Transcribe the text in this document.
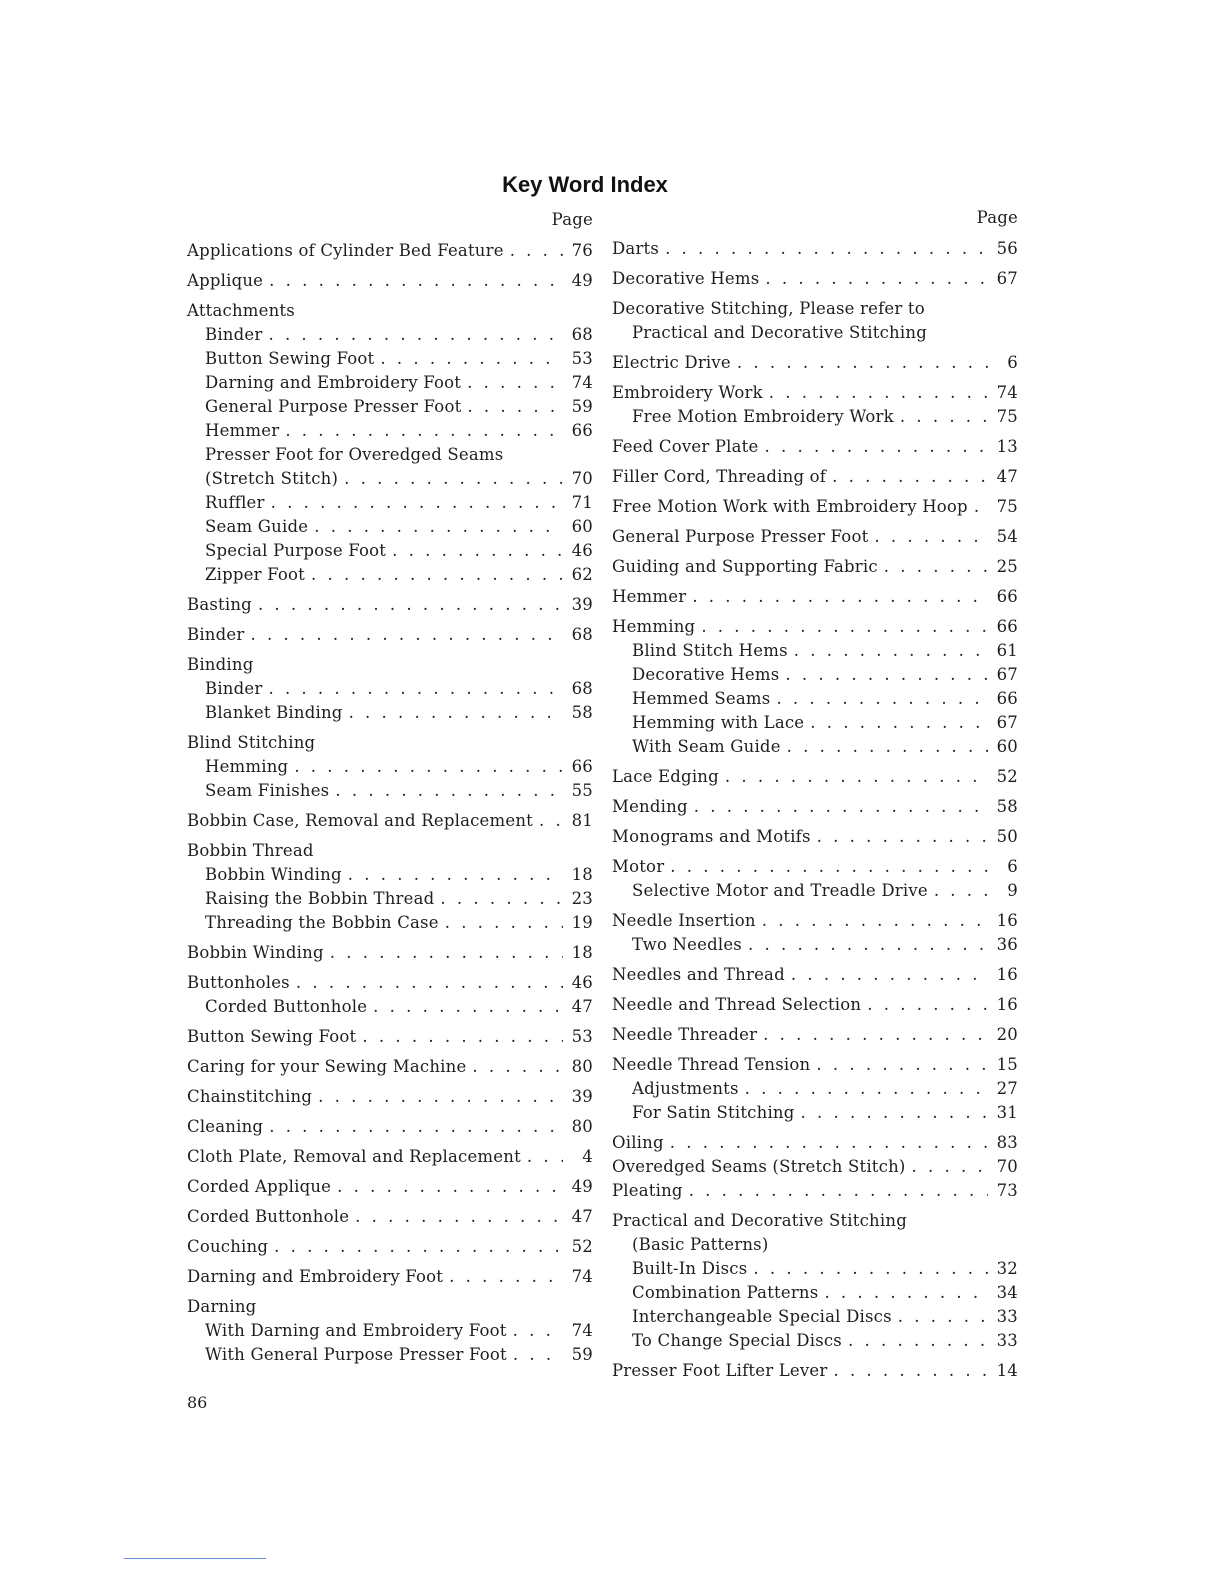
Key Word Index
Page
Applications of Cylinder Bed Feature . . .	76
Applique . . .	49
Attachments
Binder . . .	68
Button Sewing Foot . . .	53
Darning and Embroidery Foot . . .	74
General Purpose Presser Foot . . .	59
Hemmer . . .	66
Presser Foot for Overedged Seams
(Stretch Stitch) . . .	70
Ruffler . . .	71
Seam Guide . . .	60
Special Purpose Foot . . .	46
Zipper Foot . . .	62
Basting . . .	39
Binder . . .	68
Binding
Binder . . .	68
Blanket Binding . . .	58
Blind Stitching
Hemming . . .	66
Seam Finishes . . .	55
Bobbin Case, Removal and Replacement . . .	81
Bobbin Thread
Bobbin Winding . . .	18
Raising the Bobbin Thread . . .	23
Threading the Bobbin Case . . .	19
Bobbin Winding . . .	18
Buttonholes . . .	46
Corded Buttonhole . . .	47
Button Sewing Foot . . .	53
Caring for your Sewing Machine . . .	80
Chainstitching . . .	39
Cleaning . . .	80
Cloth Plate, Removal and Replacement . . .	4
Corded Applique . . .	49
Corded Buttonhole . . .	47
Couching . . .	52
Darning and Embroidery Foot . . .	74
Darning
With Darning and Embroidery Foot . . .	74
With General Purpose Presser Foot . . .	59
Page
Darts . . .	56
Decorative Hems . . .	67
Decorative Stitching, Please refer to
Practical and Decorative Stitching
Electric Drive . . .	6
Embroidery Work . . .	74
Free Motion Embroidery Work . . .	75
Feed Cover Plate . . .	13
Filler Cord, Threading of . . .	47
Free Motion Work with Embroidery Hoop . . .	75
General Purpose Presser Foot . . .	54
Guiding and Supporting Fabric . . .	25
Hemmer . . .	66
Hemming . . .	66
Blind Stitch Hems . . .	61
Decorative Hems . . .	67
Hemmed Seams . . .	66
Hemming with Lace . . .	67
With Seam Guide . . .	60
Lace Edging . . .	52
Mending . . .	58
Monograms and Motifs . . .	50
Motor . . .	6
Selective Motor and Treadle Drive . . .	9
Needle Insertion . . .	16
Two Needles . . .	36
Needles and Thread . . .	16
Needle and Thread Selection . . .	16
Needle Threader . . .	20
Needle Thread Tension . . .	15
Adjustments . . .	27
For Satin Stitching . . .	31
Oiling . . .	83
Overedged Seams (Stretch Stitch) . . .	70
Pleating . . .	73
Practical and Decorative Stitching
(Basic Patterns)
Built-In Discs . . .	32
Combination Patterns . . .	34
Interchangeable Special Discs . . .	33
To Change Special Discs . . .	33
Presser Foot Lifter Lever . . .	14
86
